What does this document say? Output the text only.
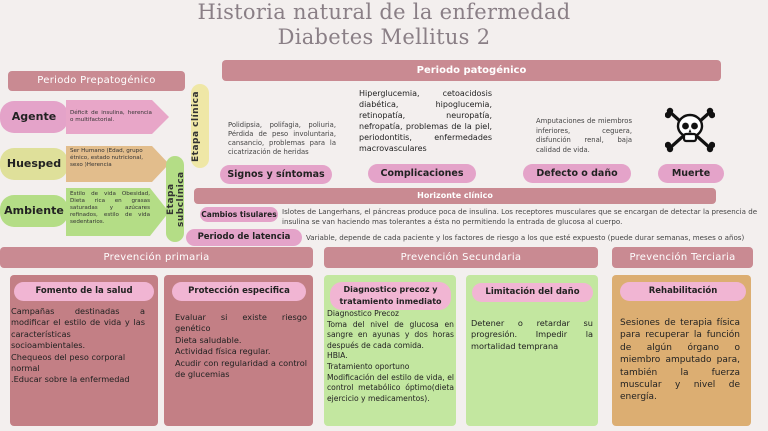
Historia natural de la enfermedad
Diabetes Mellitus 2
Periodo Prepatogénico
Agente	Déficit de insulina, herencia o multifactorial.
Huesped
Ser Humano (Edad, grupo étnico, estado nutricional, sexo )Herencia
Ambiente
Estilo de vida Obesidad, Dieta rica en grasas saturadas y azúcares refinados, estilo de vida sedentarios.
Etapa clínica
Etapa subclínica
Periodo patogénico
Polidipsia, polifagia, poliuria, Pérdida de peso involuntaria, cansancio, problemas para la cicatrización de heridas
Signos y síntomas
Hiperglucemia, cetoacidosis diabética, hipoglucemia, retinopatía, neuropatía, nefropatía, problemas de la piel, periodontitis, enfermedades macrovasculares
Complicaciones
Amputaciones de miembros inferiores, ceguera, disfunción renal, baja calidad de vida.
Defecto o daño	Muerte
Horizonte clínico
Cambios tisulares Islotes de Langerhans, el páncreas produce poca de insulina. Los receptores musculares que se encargan de detectar la presencia de insulina se van haciendo mas tolerantes a ésta no permitiendo la entrada de glucosa al cuerpo.
Periodo de latencia	Variable, depende de cada paciente y los factores de riesgo a los que esté expuesto (puede durar semanas, meses o años)
Prevención primaria
Fomento de la salud
Campañas destinadas a modificar el estilo de vida y las características socioambientales.
Chequeos del peso corporal normal
.Educar sobre la enfermedad
Protección especifica
Evaluar si existe riesgo genético
Dieta saludable.
Actividad física regular.
Acudir con regularidad a control de glucemias
Prevención Secundaria
Diagnostico precoz y tratamiento inmediato
Diagnostico Precoz
Toma del nivel de glucosa en sangre en ayunas y dos horas después de cada comida.
HBIA.
Tratamiento oportuno
Modificación del estilo de vida, el control metabólico óptimo(dieta ejercicio y medicamentos).
Limitación del daño
Detener o retardar su progresión. Impedir la mortalidad temprana
Prevención Terciaria
Rehabilitación
Sesiones de terapia física para recuperar la función de algún órgano o miembro amputado para, también la fuerza muscular y nivel de energía.
